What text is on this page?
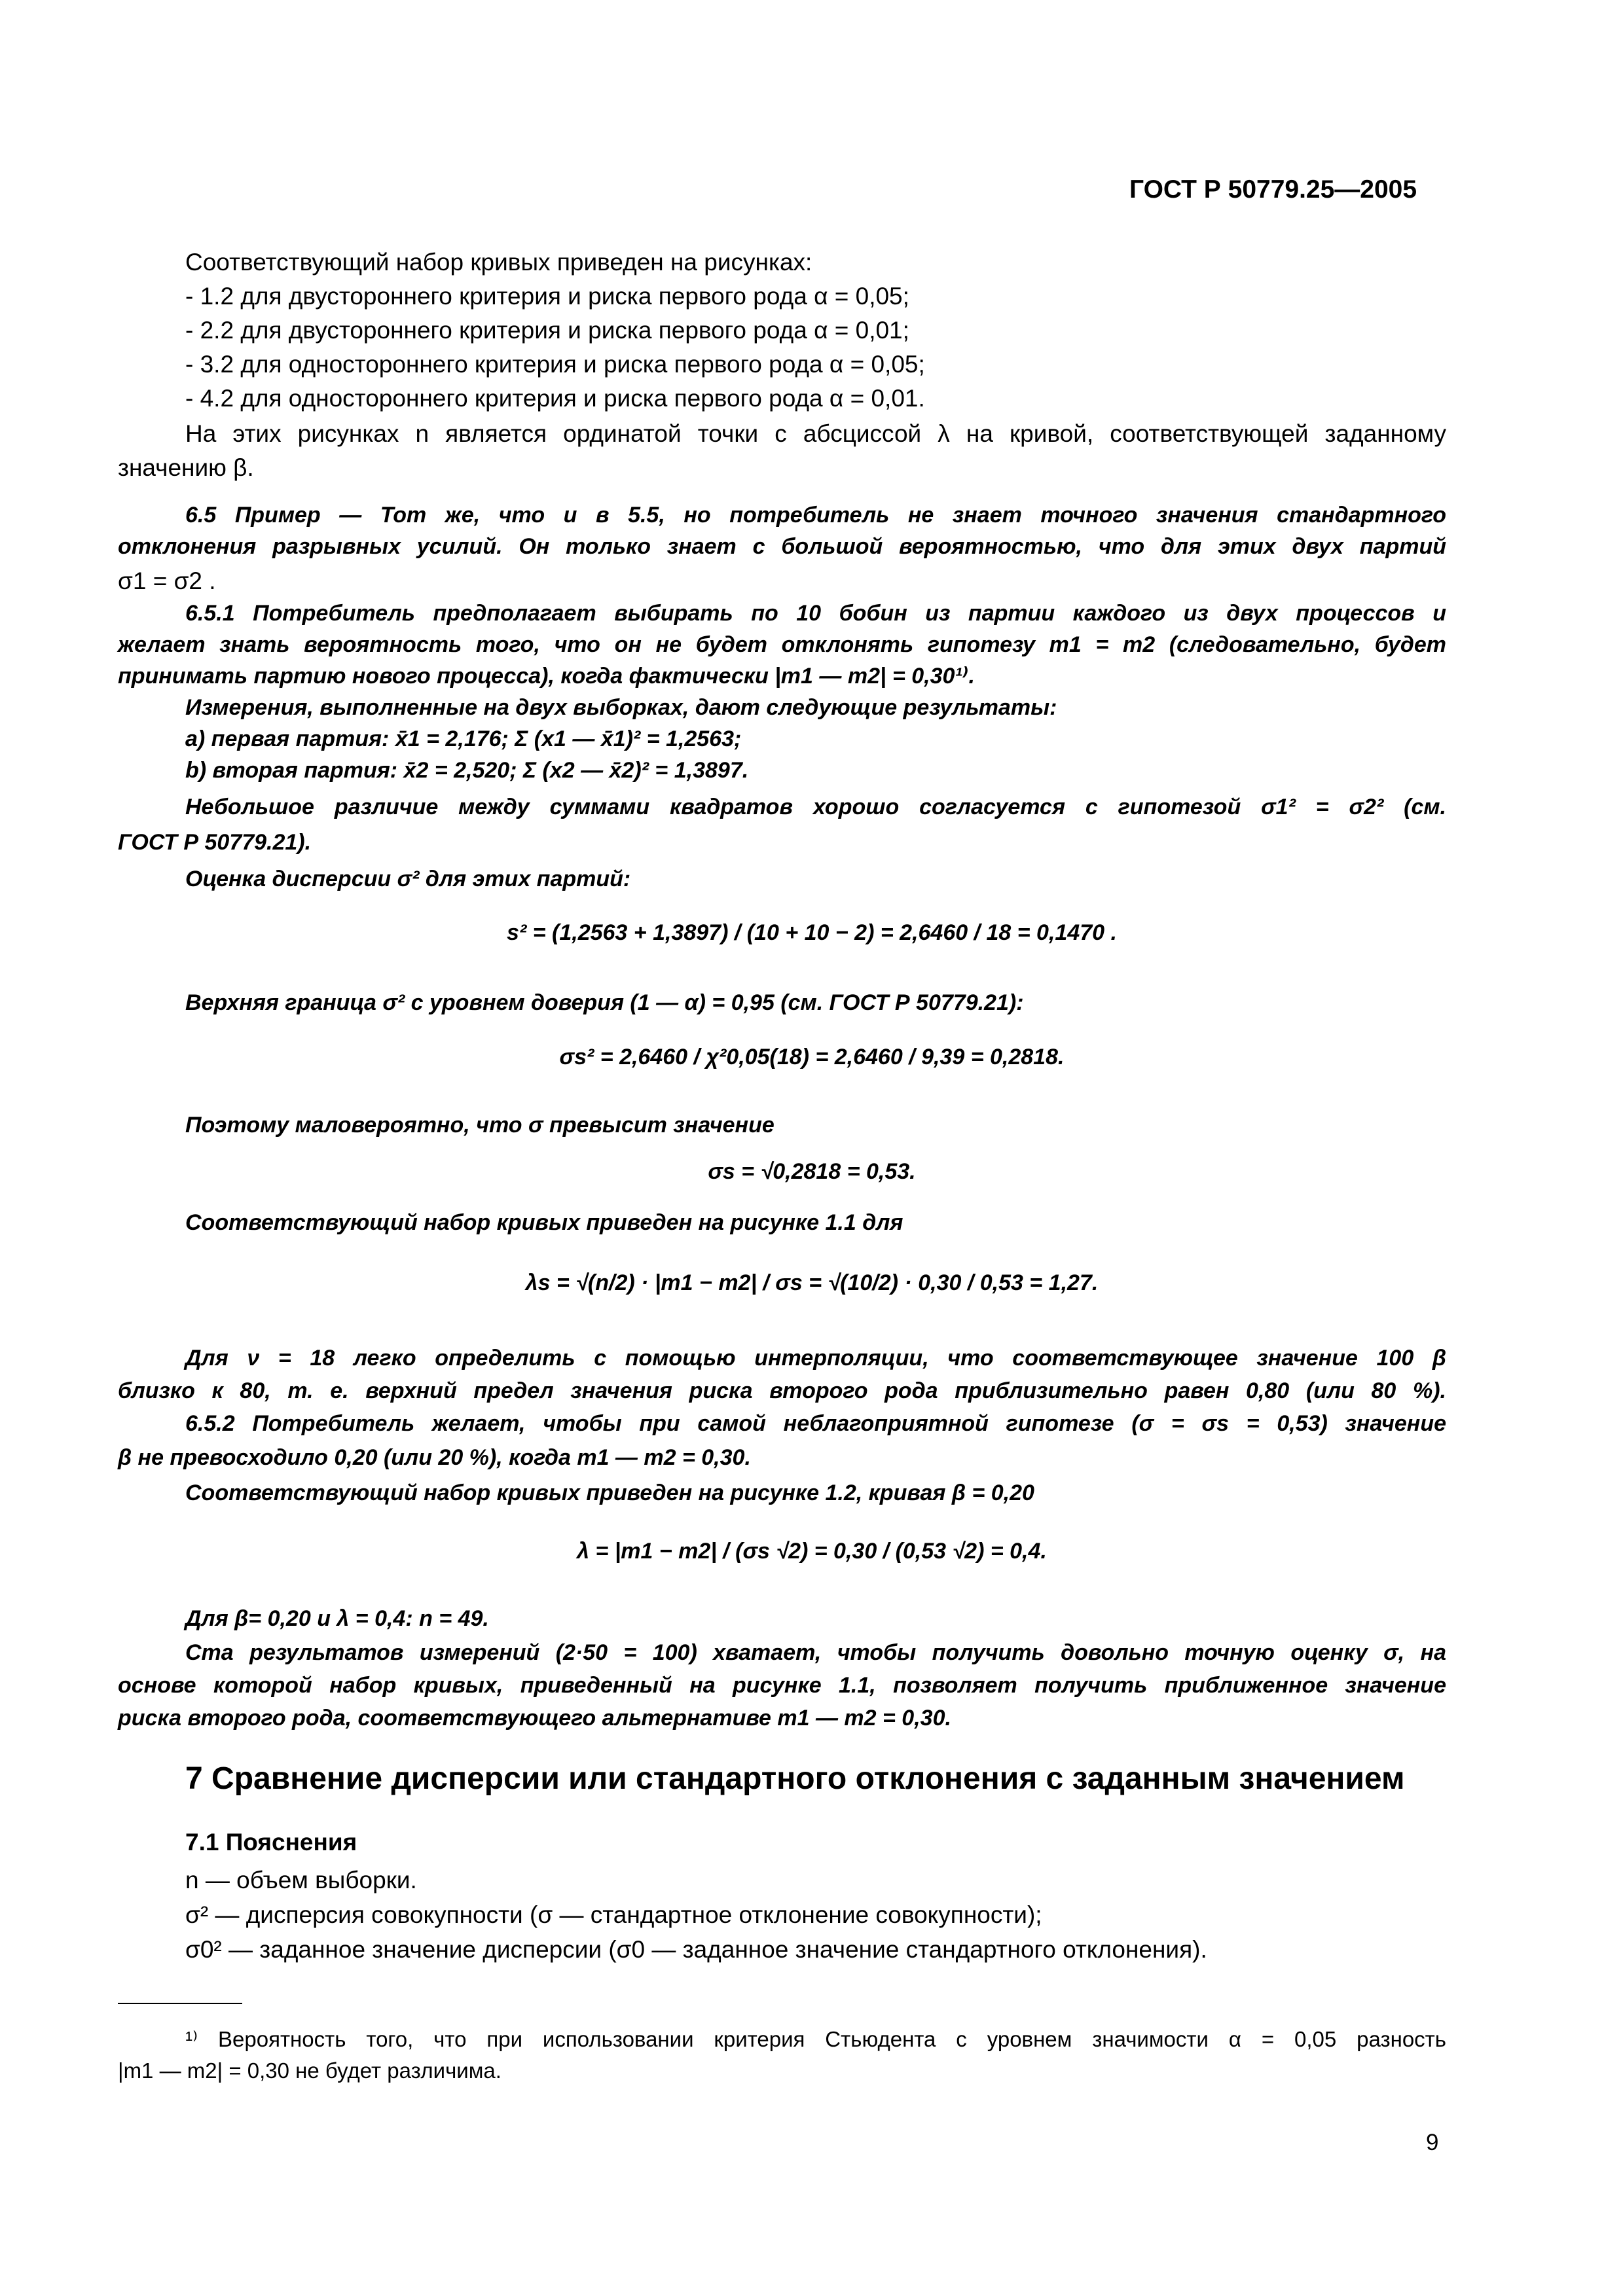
ГОСТ Р 50779.25—2005
Соответствующий набор кривых приведен на рисунках:
- 1.2 для двустороннего критерия и риска первого рода α = 0,05;
- 2.2 для двустороннего критерия и риска первого рода α = 0,01;
- 3.2 для одностороннего критерия и риска первого рода α = 0,05;
- 4.2 для одностороннего критерия и риска первого рода α = 0,01.
На этих рисунках n является ординатой точки с абсциссой λ на кривой, соответствующей заданному
значению β.
6.5 Пример — Тот же, что и в 5.5, но потребитель не знает точного значения стандартного
отклонения разрывных усилий. Он только знает с большой вероятностью, что для этих двух партий
σ1 = σ2 .
6.5.1 Потребитель предполагает выбирать по 10 бобин из партии каждого из двух процессов и
желает знать вероятность того, что он не будет отклонять гипотезу m1 = m2 (следовательно, будет
принимать партию нового процесса), когда фактически |m1 — m2| = 0,30¹⁾.
Измерения, выполненные на двух выборках, дают следующие результаты:
a) первая партия: x̄1 = 2,176; Σ (x1 — x̄1)² = 1,2563;
b) вторая партия: x̄2 = 2,520; Σ (x2 — x̄2)² = 1,3897.
Небольшое различие между суммами квадратов хорошо согласуется с гипотезой σ1² = σ2² (см.
ГОСТ Р 50779.21).
Оценка дисперсии σ² для этих партий:
s² = (1,2563 + 1,3897) / (10 + 10 − 2) = 2,6460 / 18 = 0,1470 .
Верхняя граница σ² с уровнем доверия (1 — α) = 0,95 (см. ГОСТ Р 50779.21):
σs² = 2,6460 / χ²0,05(18) = 2,6460 / 9,39 = 0,2818.
Поэтому маловероятно, что σ превысит значение
σs = √0,2818 = 0,53.
Соответствующий набор кривых приведен на рисунке 1.1 для
λs = √(n/2) · |m1 − m2| / σs = √(10/2) · 0,30 / 0,53 = 1,27.
Для ν = 18 легко определить с помощью интерполяции, что соответствующее значение 100 β
близко к 80, т. е. верхний предел значения риска второго рода приблизительно равен 0,80 (или 80 %).
6.5.2 Потребитель желает, чтобы при самой неблагоприятной гипотезе (σ = σs = 0,53) значение
β не превосходило 0,20 (или 20 %), когда m1 — m2 = 0,30.
Соответствующий набор кривых приведен на рисунке 1.2, кривая β = 0,20
λ = |m1 − m2| / (σs √2) = 0,30 / (0,53 √2) = 0,4.
Для β= 0,20 и λ = 0,4: n = 49.
Ста результатов измерений (2·50 = 100) хватает, чтобы получить довольно точную оценку σ, на
основе которой набор кривых, приведенный на рисунке 1.1, позволяет получить приближенное значение
риска второго рода, соответствующего альтернативе m1 — m2 = 0,30.
7 Сравнение дисперсии или стандартного отклонения с заданным значением
7.1 Пояснения
n — объем выборки.
σ² — дисперсия совокупности (σ — стандартное отклонение совокупности);
σ0² — заданное значение дисперсии (σ0 — заданное значение стандартного отклонения).
¹⁾ Вероятность того, что при использовании критерия Стьюдента с уровнем значимости α = 0,05 разность
|m1 — m2| = 0,30 не будет различима.
9
